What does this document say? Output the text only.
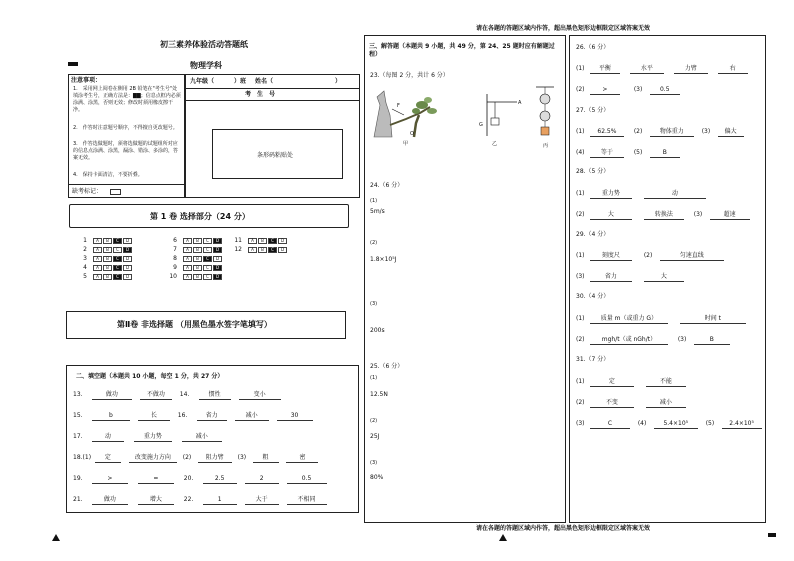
请在各题的答题区域内作答，超出黑色矩形边框限定区域答案无效
初三素养体验活动答题纸
物理学科
注意事项：
1.　采用网上阅卷在侧用 2B 铅笔在"考生号"处填涂考生号，正确方法是：▇▇；信息点框内必须涂满、涂黑，否则无效；修改时须用橡皮擦干净。
2.　作答时注意题号顺序，不得擅自更改题号。
3.　作答选做题时，须将选做题的试题组所对应的信息点涂满、涂黑，漏涂、错涂、多涂的，答案无效。
4.　保持卡面清洁，不要折叠。
缺考标记：
九年级（	）班 姓名（	）
考　生　号
条形码粘贴处
第 1 卷 选择部分（24 分）
1 A B C D
2 A B C D
3 A B C D
4 A B C D
5 A B C D
6 A B C D
7 A B C D
8 A B C D
9 A B C D
10 A B C D
11 A B C D
12 A B C D
第Ⅱ卷 非选择题 （用黑色墨水签字笔填写）
二、填空题（本题共 10 小题，每空 1 分，共 27 分）
13.	做功	不做功 14.	惯性	变小
15.	b	长	16.	省力	减小	30
17.	动	重力势	减小
18.(1) 定	改变施力方向 (2) 阻力臂 (3)	粗	密
19.	>	=	20.	2.5	2	0.5
21.	做功	增大	22.	1	大于	不相同
三、解答题（本题共 9 小题，共 49 分，第 24、25 题时应有解题过程）
23.（每图 2 分，共计 6 分）
F
O
甲
A
G
乙	丙
24.（6 分）
(1)
5m/s
(2)
1.8×10⁵J
(3)
200s
25.（6 分）
(1)
12.5N
(2)
25J
(3)
80%
26.（6 分）
(1) 平衡	水平	力臂	右
(2)	>	(3)	0.5
27.（5 分）
(1) 62.5%	(2)	物体重力	(3) 偏大
(4)	等于	(5)	B
28.（5 分）
(1)	重力势	动
(2)	大	转换法	(3)	超速
29.（4 分）
(1)	刻度尺	(2)	匀速直线
(3)	省力	大
30.（4 分）
(1)	质量 m（或重力 G）	时间 t
(2)	mgh/t（或 nGh/t）	(3)	B
31.（7 分）
(1)	定	不能
(2)	不变	减小
(3)	C	(4)	5.4×10⁵	(5)	2.4×10⁵
请在各题的答题区域内作答，超出黑色矩形边框限定区域答案无效
